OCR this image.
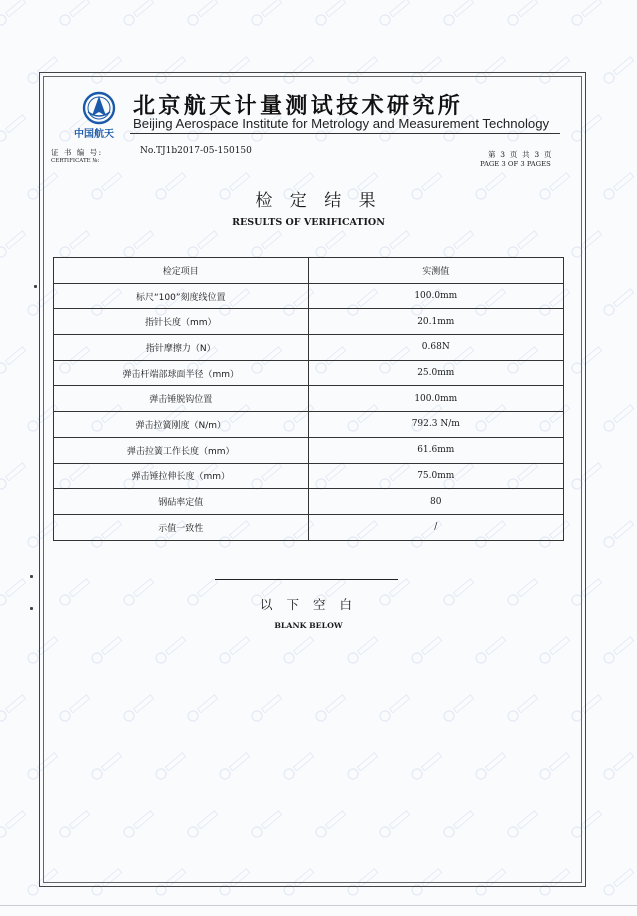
中国航天
北京航天计量测试技术研究所
Beijing Aerospace Institute for Metrology and Measurement Technology
证 书 编 号:
CERTIFICATE №:
No.TJ1b2017-05-150150	第 3 页 共 3 页
PAGE 3 OF 3 PAGES
检 定 结 果
RESULTS OF VERIFICATION
检定项目	实测值
标尺“100”刻度线位置	100.0mm
指针长度（mm）	20.1mm
指针摩擦力（N）	0.68N
弹击杆端部球面半径（mm）	25.0mm
弹击锤脱钩位置	100.0mm
弹击拉簧刚度（N/m）	792.3 N/m
弹击拉簧工作长度（mm）	61.6mm
弹击锤拉伸长度（mm）	75.0mm
钢砧率定值	80
示值一致性	/
以 下 空 白
BLANK BELOW
